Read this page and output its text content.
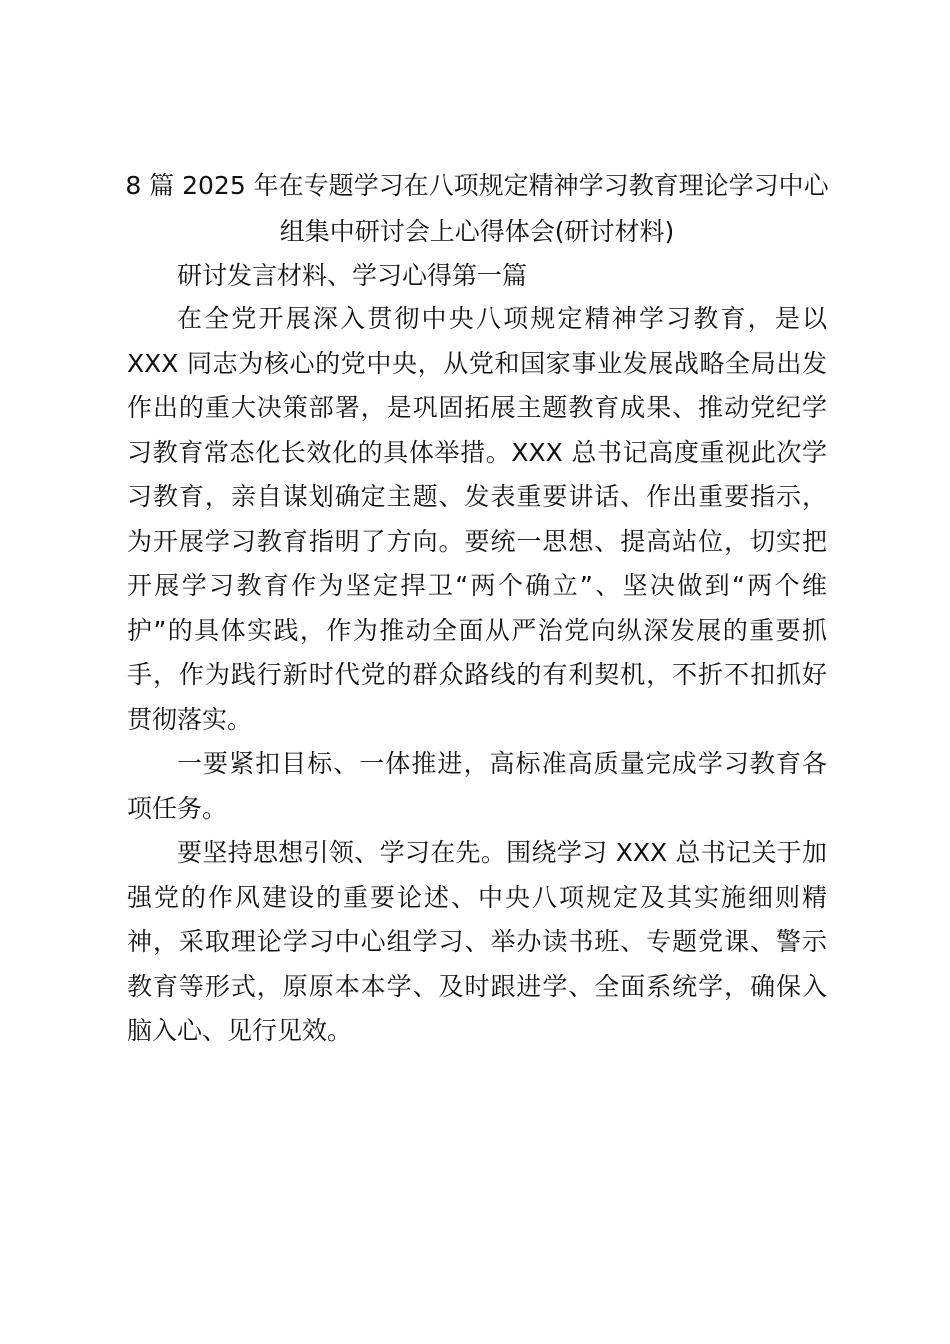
8 篇 2025 年在专题学习在八项规定精神学习教育理论学习中心
组集中研讨会上心得体会(研讨材料)

研讨发言材料、学习心得第一篇

在全党开展深入贯彻中央八项规定精神学习教育，是以
XXX 同志为核心的党中央，从党和国家事业发展战略全局出发
作出的重大决策部署，是巩固拓展主题教育成果、推动党纪学
习教育常态化长效化的具体举措。XXX 总书记高度重视此次学
习教育，亲自谋划确定主题、发表重要讲话、作出重要指示，
为开展学习教育指明了方向。要统一思想、提高站位，切实把
开展学习教育作为坚定捍卫“两个确立”、坚决做到“两个维
护”的具体实践，作为推动全面从严治党向纵深发展的重要抓
手，作为践行新时代党的群众路线的有利契机，不折不扣抓好
贯彻落实。
一要紧扣目标、一体推进，高标准高质量完成学习教育各
项任务。
要坚持思想引领、学习在先。围绕学习 XXX 总书记关于加
强党的作风建设的重要论述、中央八项规定及其实施细则精
神，采取理论学习中心组学习、举办读书班、专题党课、警示
教育等形式，原原本本学、及时跟进学、全面系统学，确保入
脑入心、见行见效。
